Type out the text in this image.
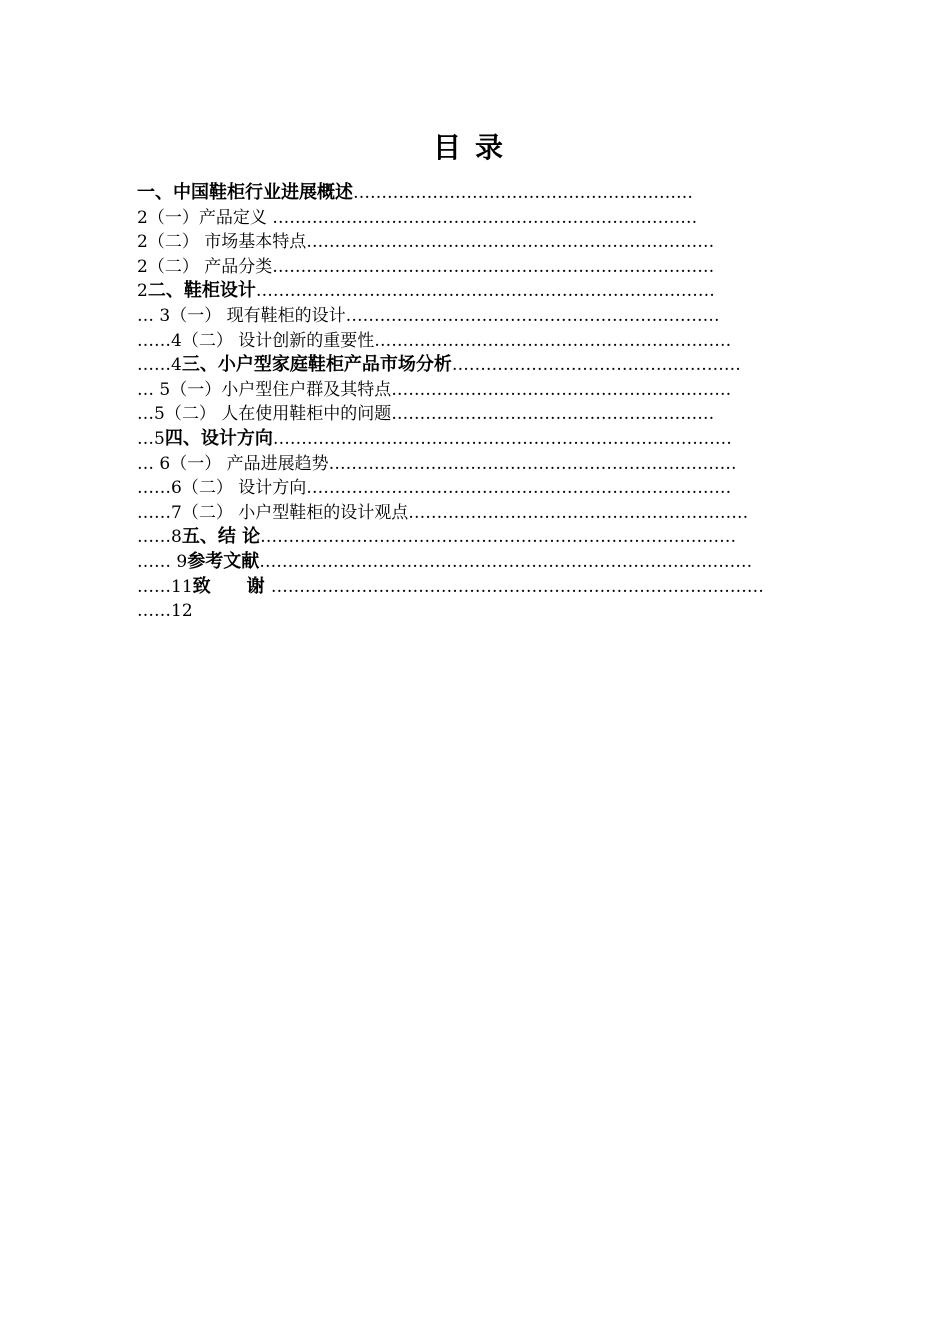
目录
一、中国鞋柜行业进展概述……………………………………………………
2（一）产品定义 …………………………………………………………………
2（二） 市场基本特点………………………………………………………………
2（二） 产品分类……………………………………………………………………
2二、鞋柜设计………………………………………………………………………
… 3（一） 现有鞋柜的设计…………………………………………………………
……4（二） 设计创新的重要性………………………………………………………
……4三、小户型家庭鞋柜产品市场分析……………………………………………
… 5（一）小户型住户群及其特点……………………………………………………
…5（二） 人在使用鞋柜中的问题…………………………………………………
…5四、设计方向………………………………………………………………………
… 6（一） 产品进展趋势………………………………………………………………
……6（二） 设计方向…………………………………………………………………
……7（二） 小户型鞋柜的设计观点……………………………………………………
……8五、结 论…………………………………………………………………………
…… 9参考文献……………………………………………………………………………
……11致　　谢 ……………………………………………………………………………
……12
